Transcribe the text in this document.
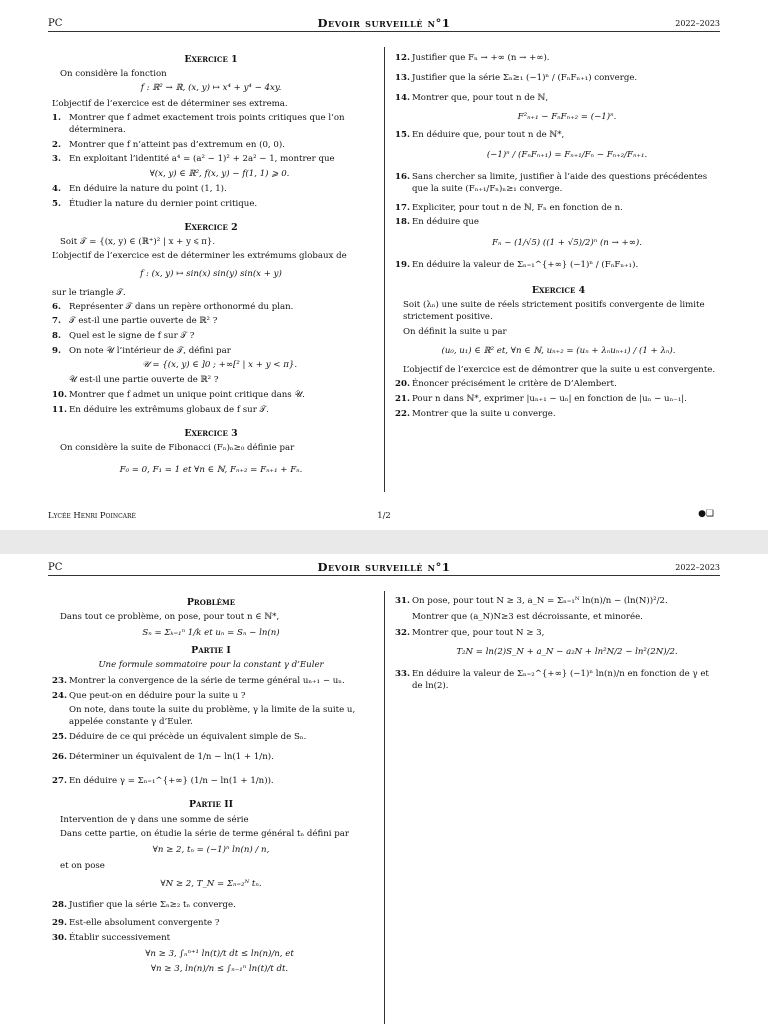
PC	Devoir surveillé n°1	2022–2023
Exercice 1
On considère la fonction
f : ℝ² → ℝ, (x, y) ↦ x⁴ + y⁴ − 4xy.
L’objectif de l’exercice est de déterminer ses extrema.
1. Montrer que f admet exactement trois points critiques que l’on déterminera.
2. Montrer que f n’atteint pas d’extremum en (0, 0).
3. En exploitant l’identité a⁴ = (a² − 1)² + 2a² − 1, montrer que
∀(x, y) ∈ ℝ², f(x, y) − f(1, 1) ⩾ 0.
4. En déduire la nature du point (1, 1).
5. Étudier la nature du dernier point critique.
Exercice 2
Soit 𝒯 = {(x, y) ∈ (ℝ⁺)² | x + y ⩽ π}.
L’objectif de l’exercice est de déterminer les extrémums globaux de
f : (x, y) ↦ sin(x) sin(y) sin(x + y)
sur le triangle 𝒯.
6. Représenter 𝒯 dans un repère orthonormé du plan.
7. 𝒯 est-il une partie ouverte de ℝ² ?
8. Quel est le signe de f sur 𝒯 ?
9. On note 𝒰 l’intérieur de 𝒯, défini par
𝒰 = {(x, y) ∈ ]0 ; +∞[² | x + y < π}.
𝒰 est-il une partie ouverte de ℝ² ?
10. Montrer que f admet un unique point critique dans 𝒰.
11. En déduire les extrêmums globaux de f sur 𝒯.
Exercice 3
On considère la suite de Fibonacci (Fₙ)ₙ≥₀ définie par
F₀ = 0, F₁ = 1 et ∀n ∈ ℕ, Fₙ₊₂ = Fₙ₊₁ + Fₙ.
12. Justifier que Fₙ → +∞ (n → +∞).
13. Justifier que la série Σₙ≥₁ (−1)ⁿ / (FₙFₙ₊₁) converge.
14. Montrer que, pour tout n de ℕ,
F²ₙ₊₁ − FₙFₙ₊₂ = (−1)ⁿ.
15. En déduire que, pour tout n de ℕ*,
(−1)ⁿ / (FₙFₙ₊₁) = Fₙ₊₁/Fₙ − Fₙ₊₂/Fₙ₊₁.
16. Sans chercher sa limite, justifier à l’aide des questions précédentes que la suite (Fₙ₊₁/Fₙ)ₙ≥₁ converge.
17. Expliciter, pour tout n de ℕ, Fₙ en fonction de n.
18. En déduire que
Fₙ ~ (1/√5) ((1 + √5)/2)ⁿ (n → +∞).
19. En déduire la valeur de Σₙ₌₁^{+∞} (−1)ⁿ / (FₙFₙ₊₁).
Exercice 4
Soit (λₙ) une suite de réels strictement positifs convergente de limite strictement positive.
On définit la suite u par
(u₀, u₁) ∈ ℝ² et, ∀n ∈ ℕ, uₙ₊₂ = (uₙ + λₙuₙ₊₁) / (1 + λₙ).
L’objectif de l’exercice est de démontrer que la suite u est convergente.
20. Énoncer précisément le critère de D’Alembert.
21. Pour n dans ℕ*, exprimer |uₙ₊₁ − uₙ| en fonction de |uₙ − uₙ₋₁|.
22. Montrer que la suite u converge.
Lycée Henri Poincaré	1/2	●❏
PC	Devoir surveillé n°1	2022–2023
Problème
Dans tout ce problème, on pose, pour tout n ∈ ℕ*,
Sₙ = Σₖ₌₁ⁿ 1/k et uₙ = Sₙ − ln(n)
Partie I
Une formule sommatoire pour la constant γ d’Euler
23. Montrer la convergence de la série de terme général uₙ₊₁ − uₙ.
24. Que peut-on en déduire pour la suite u ?
On note, dans toute la suite du problème, γ la limite de la suite u, appelée constante γ d’Euler.
25. Déduire de ce qui précède un équivalent simple de Sₙ.
26. Déterminer un équivalent de 1/n − ln(1 + 1/n).
27. En déduire γ = Σₙ₌₁^{+∞} (1/n − ln(1 + 1/n)).
Partie II
Intervention de γ dans une somme de série
Dans cette partie, on étudie la série de terme général tₙ défini par
∀n ≥ 2, tₙ = (−1)ⁿ ln(n) / n,
et on pose
∀N ≥ 2, T_N = Σₙ₌₂ᴺ tₙ.
28. Justifier que la série Σₙ≥₂ tₙ converge.
29. Est-elle absolument convergente ?
30. Établir successivement
∀n ≥ 3, ∫ₙⁿ⁺¹ ln(t)/t dt ≤ ln(n)/n, et
∀n ≥ 3, ln(n)/n ≤ ∫ₙ₋₁ⁿ ln(t)/t dt.
31. On pose, pour tout N ≥ 3, a_N = Σₙ₌₁ᴺ ln(n)/n − (ln(N))²/2.
Montrer que (a_N)N≥3 est décroissante, et minorée.
32. Montrer que, pour tout N ≥ 3,
T₂N = ln(2)S_N + a_N − a₂N + ln²N/2 − ln²(2N)/2.
33. En déduire la valeur de Σₙ₌₂^{+∞} (−1)ⁿ ln(n)/n en fonction de γ et de ln(2).
